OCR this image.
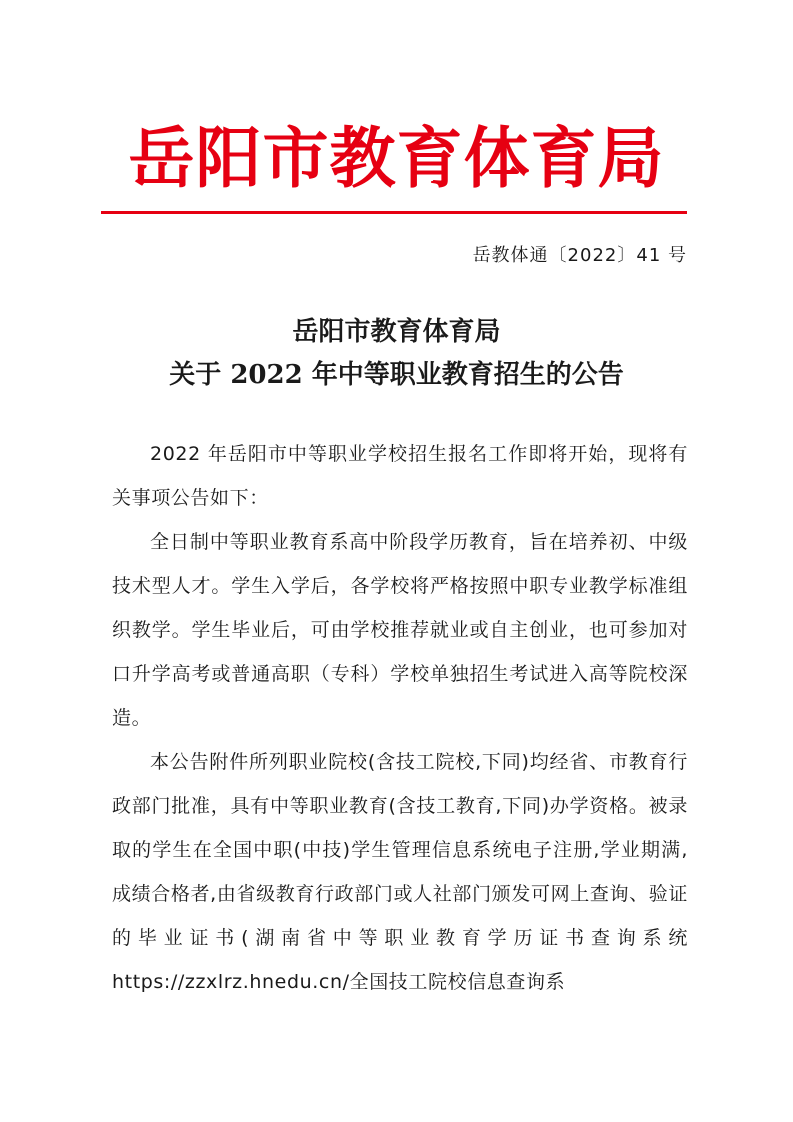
岳阳市教育体育局
岳教体通〔2022〕41 号
岳阳市教育体育局
关于 2022 年中等职业教育招生的公告

2022 年岳阳市中等职业学校招生报名工作即将开始，现将有关事项公告如下：

全日制中等职业教育系高中阶段学历教育，旨在培养初、中级技术型人才。学生入学后，各学校将严格按照中职专业教学标准组织教学。学生毕业后，可由学校推荐就业或自主创业，也可参加对口升学高考或普通高职（专科）学校单独招生考试进入高等院校深造。

本公告附件所列职业院校(含技工院校,下同)均经省、市教育行政部门批准，具有中等职业教育(含技工教育,下同)办学资格。被录取的学生在全国中职(中技)学生管理信息系统电子注册,学业期满,成绩合格者,由省级教育行政部门或人社部门颁发可网上查询、验证的毕业证书(湖南省中等职业教育学历证书查询系统 https://zzxlrz.hnedu.cn/全国技工院校信息查询系
